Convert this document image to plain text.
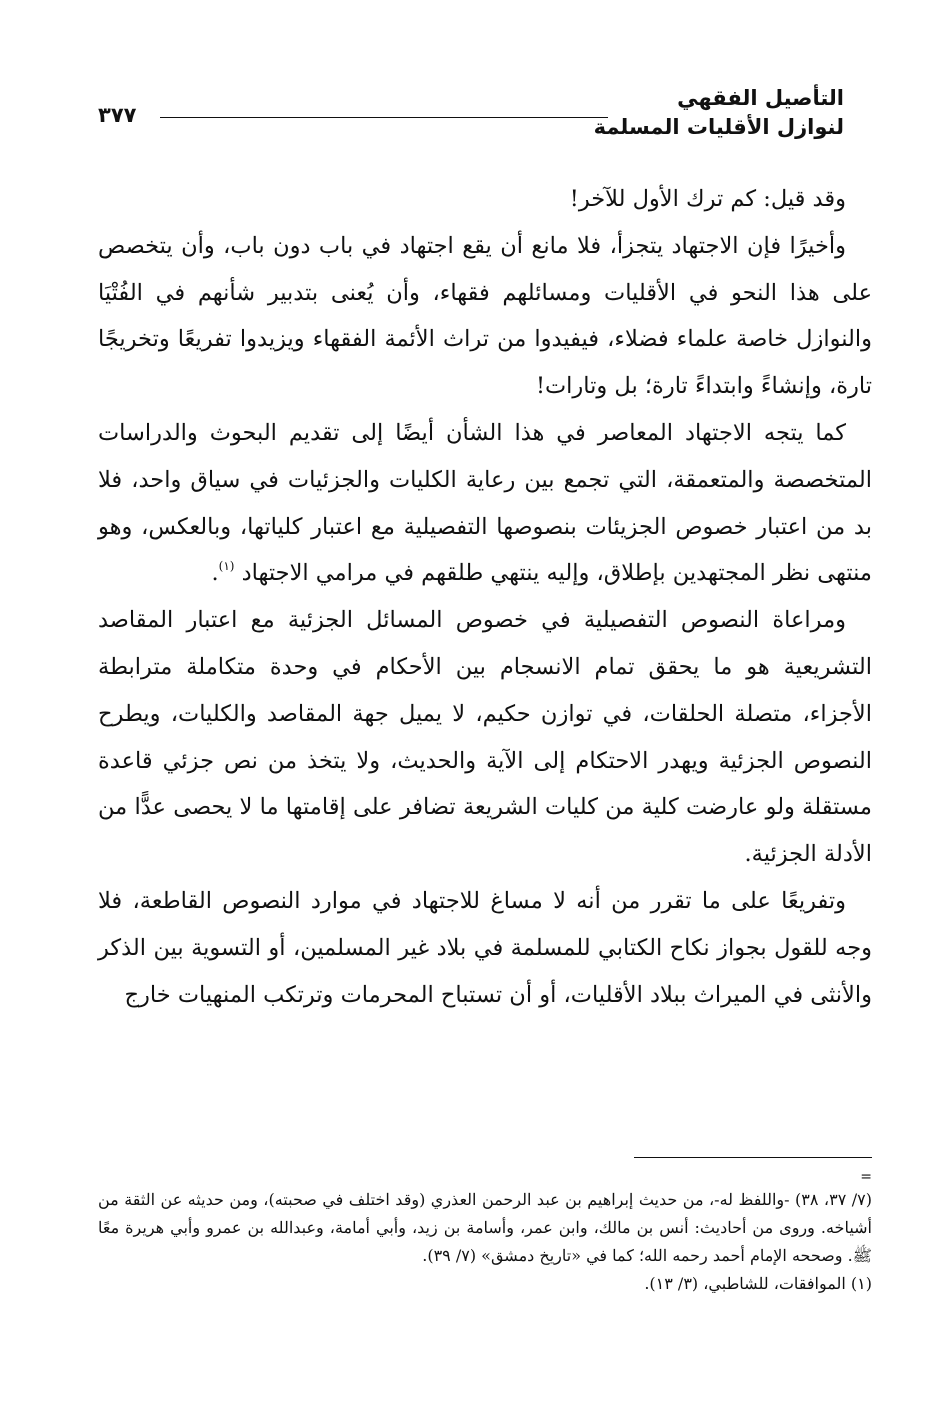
التأصيل الفقهي
لنوازل الأقليات المسلمة
٣٧٧

وقد قيل: كم ترك الأول للآخر!

وأخيرًا فإن الاجتهاد يتجزأ، فلا مانع أن يقع اجتهاد في باب دون باب، وأن يتخصص على هذا النحو في الأقليات ومسائلهم فقهاء، وأن يُعنى بتدبير شأنهم في الفُتْيَا والنوازل خاصة علماء فضلاء، فيفيدوا من تراث الأئمة الفقهاء ويزيدوا تفريعًا وتخريجًا تارة، وإنشاءً وابتداءً تارة؛ بل وتارات!

كما يتجه الاجتهاد المعاصر في هذا الشأن أيضًا إلى تقديم البحوث والدراسات المتخصصة والمتعمقة، التي تجمع بين رعاية الكليات والجزئيات في سياق واحد، فلا بد من اعتبار خصوص الجزيئات بنصوصها التفصيلية مع اعتبار كلياتها، وبالعكس، وهو منتهى نظر المجتهدين بإطلاق، وإليه ينتهي طلقهم في مرامي الاجتهاد $^{(١)}$.

ومراعاة النصوص التفصيلية في خصوص المسائل الجزئية مع اعتبار المقاصد التشريعية هو ما يحقق تمام الانسجام بين الأحكام في وحدة متكاملة مترابطة الأجزاء، متصلة الحلقات، في توازن حكيم، لا يميل جهة المقاصد والكليات، ويطرح النصوص الجزئية ويهدر الاحتكام إلى الآية والحديث، ولا يتخذ من نص جزئي قاعدة مستقلة ولو عارضت كلية من كليات الشريعة تضافر على إقامتها ما لا يحصى عدًّا من الأدلة الجزئية.

وتفريعًا على ما تقرر من أنه لا مساغ للاجتهاد في موارد النصوص القاطعة، فلا وجه للقول بجواز نكاح الكتابي للمسلمة في بلاد غير المسلمين، أو التسوية بين الذكر والأنثى في الميراث ببلاد الأقليات، أو أن تستباح المحرمات وترتكب المنهيات خارج

=

(٧/ ٣٧، ٣٨) -واللفظ له-، من حديث إبراهيم بن عبد الرحمن العذري (وقد اختلف في صحبته)، ومن حديثه عن الثقة من أشياخه. وروى من أحاديث: أنس بن مالك، وابن عمر، وأسامة بن زيد، وأبي أمامة، وعبدالله بن عمرو وأبي هريرة معًا ﷺ. وصححه الإمام أحمد رحمه الله؛ كما في «تاريخ دمشق» (٧/ ٣٩).

(١) الموافقات، للشاطبي، (٣/ ١٣).
